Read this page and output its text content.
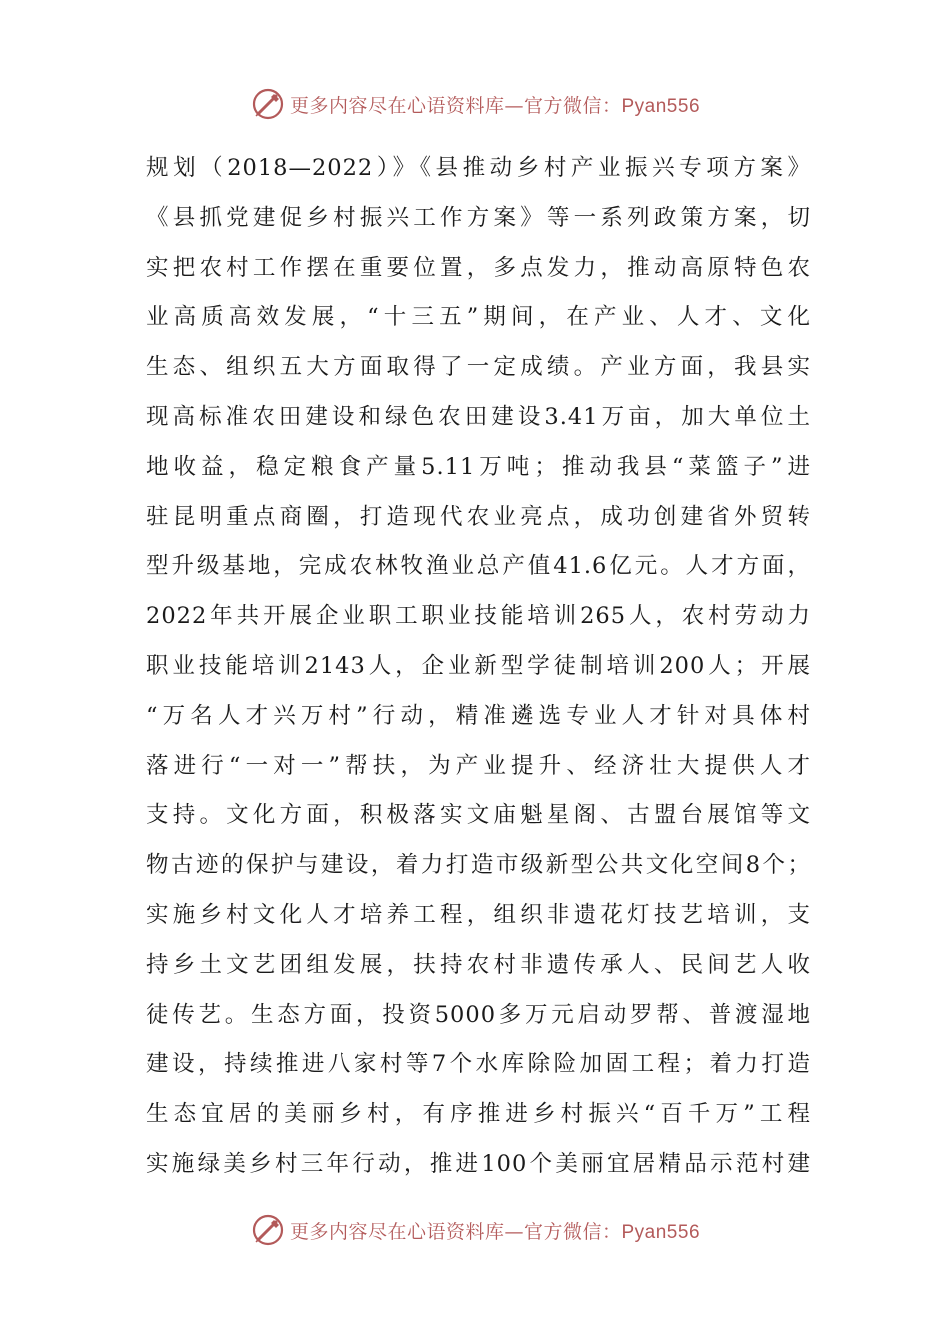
更多内容尽在心语资料库—官方微信：Pyan556
规划（2018—2022）》《县推动乡村产业振兴专项方案》
《县抓党建促乡村振兴工作方案》等一系列政策方案，切
实把农村工作摆在重要位置，多点发力，推动高原特色农
业高质高效发展，“十三五”期间，在产业、人才、文化
生态、组织五大方面取得了一定成绩。产业方面，我县实
现高标准农田建设和绿色农田建设3.41万亩，加大单位土
地收益，稳定粮食产量5.11万吨；推动我县“菜篮子”进
驻昆明重点商圈，打造现代农业亮点，成功创建省外贸转
型升级基地，完成农林牧渔业总产值41.6亿元。人才方面，
2022年共开展企业职工职业技能培训265人，农村劳动力
职业技能培训2143人，企业新型学徒制培训200人；开展
“万名人才兴万村”行动，精准遴选专业人才针对具体村
落进行“一对一”帮扶，为产业提升、经济壮大提供人才
支持。文化方面，积极落实文庙魁星阁、古盟台展馆等文
物古迹的保护与建设，着力打造市级新型公共文化空间8个；
实施乡村文化人才培养工程，组织非遗花灯技艺培训，支
持乡土文艺团组发展，扶持农村非遗传承人、民间艺人收
徒传艺。生态方面，投资5000多万元启动罗帮、普渡湿地
建设，持续推进八家村等7个水库除险加固工程；着力打造
生态宜居的美丽乡村，有序推进乡村振兴“百千万”工程
实施绿美乡村三年行动，推进100个美丽宜居精品示范村建
更多内容尽在心语资料库—官方微信：Pyan556
